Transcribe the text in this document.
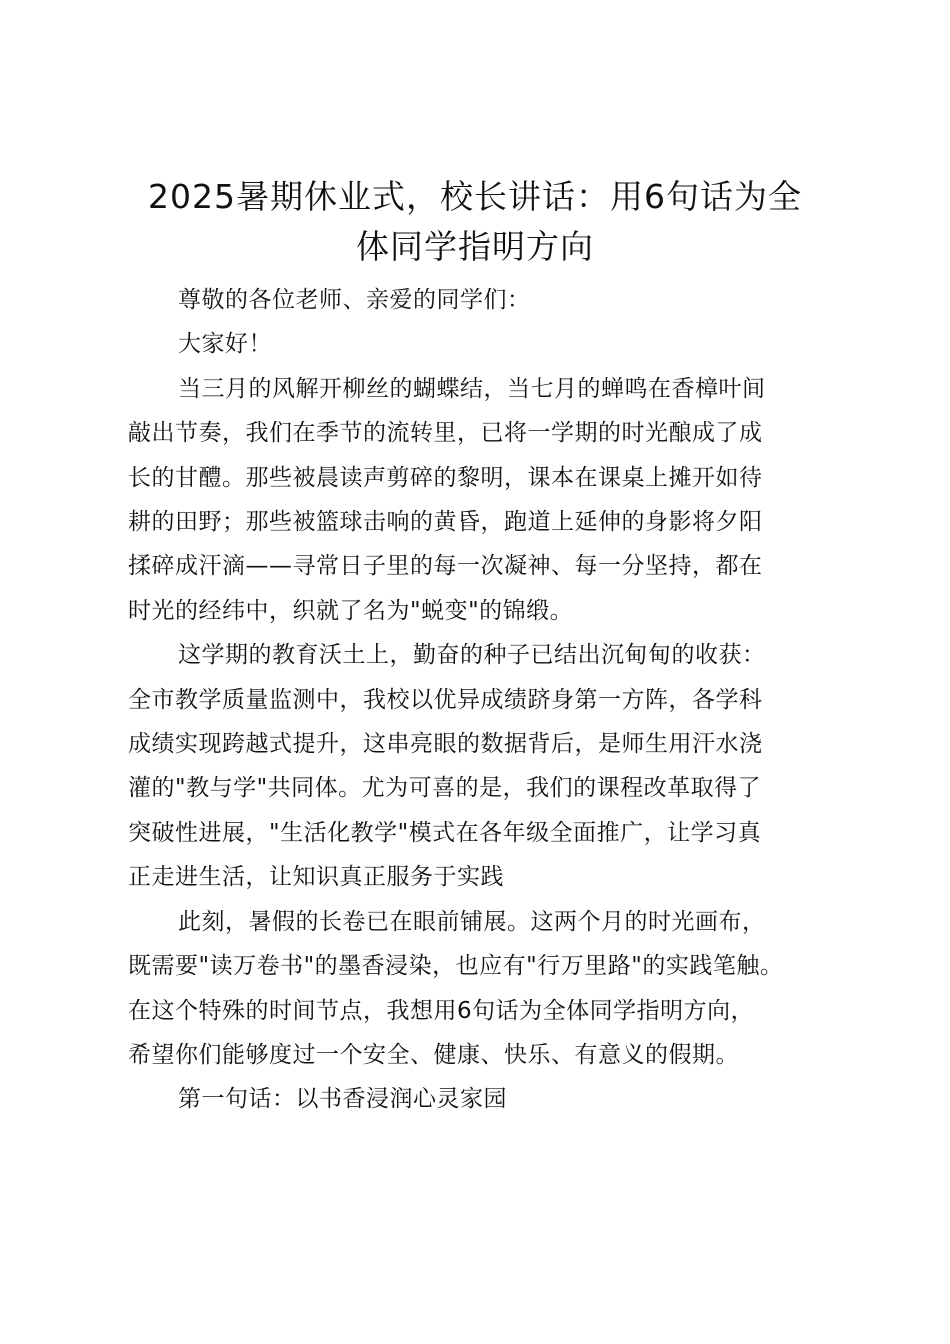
2025暑期休业式，校长讲话：用6句话为全
体同学指明方向

尊敬的各位老师、亲爱的同学们：

大家好！

当三月的风解开柳丝的蝴蝶结，当七月的蝉鸣在香樟叶间
敲出节奏，我们在季节的流转里，已将一学期的时光酿成了成
长的甘醴。那些被晨读声剪碎的黎明，课本在课桌上摊开如待
耕的田野；那些被篮球击响的黄昏，跑道上延伸的身影将夕阳
揉碎成汗滴——寻常日子里的每一次凝神、每一分坚持，都在
时光的经纬中，织就了名为"蜕变"的锦缎。

这学期的教育沃土上，勤奋的种子已结出沉甸甸的收获：
全市教学质量监测中，我校以优异成绩跻身第一方阵，各学科
成绩实现跨越式提升，这串亮眼的数据背后，是师生用汗水浇
灌的"教与学"共同体。尤为可喜的是，我们的课程改革取得了
突破性进展，"生活化教学"模式在各年级全面推广，让学习真
正走进生活，让知识真正服务于实践

此刻，暑假的长卷已在眼前铺展。这两个月的时光画布，
既需要"读万卷书"的墨香浸染，也应有"行万里路"的实践笔触。
在这个特殊的时间节点，我想用6句话为全体同学指明方向，
希望你们能够度过一个安全、健康、快乐、有意义的假期。

第一句话：以书香浸润心灵家园
